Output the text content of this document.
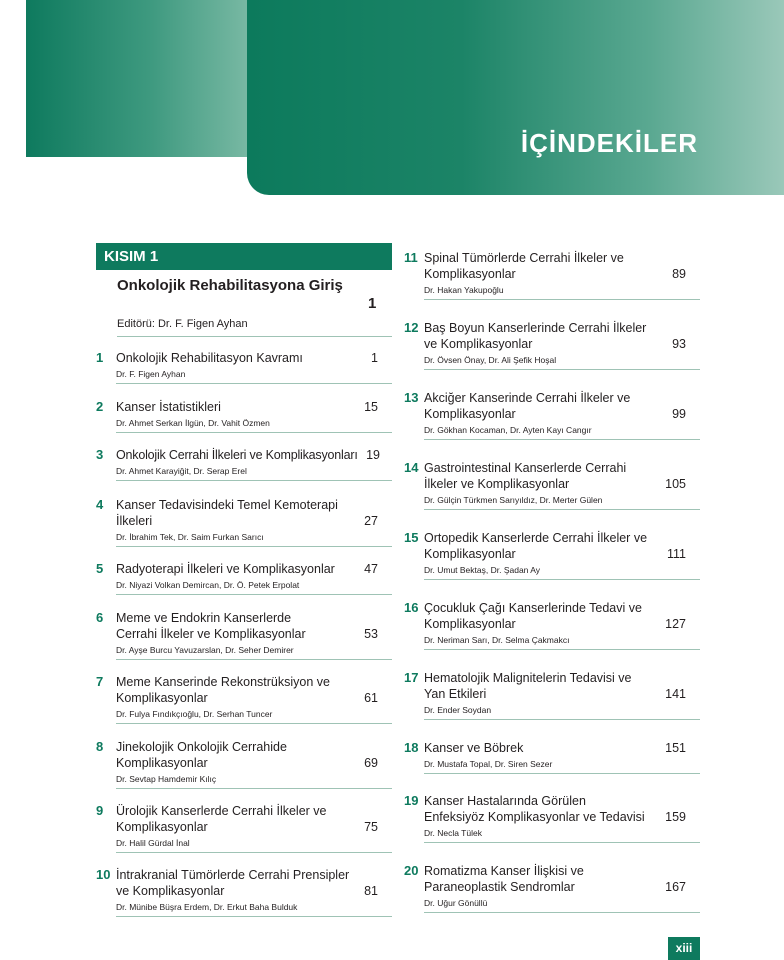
İÇİNDEKİLER
KISIM 1
Onkolojik Rehabilitasyona Giriş
1
Editörü: Dr. F. Figen Ayhan
1	Onkolojik Rehabilitasyon Kavramı	1
Dr. F. Figen Ayhan
2	Kanser İstatistikleri	15
Dr. Ahmet Serkan İlgün, Dr. Vahit Özmen
3	Onkolojik Cerrahi İlkeleri ve Komplikasyonları 19
Dr. Ahmet Karayiğit, Dr. Serap Erel
4	Kanser Tedavisindeki Temel Kemoterapi İlkeleri	27
Dr. İbrahim Tek, Dr. Saim Furkan Sarıcı
5	Radyoterapi İlkeleri ve Komplikasyonlar	47
Dr. Niyazi Volkan Demircan, Dr. Ö. Petek Erpolat
6	Meme ve Endokrin Kanserlerde Cerrahi İlkeler ve Komplikasyonlar	53
Dr. Ayşe Burcu Yavuzarslan, Dr. Seher Demirer
7	Meme Kanserinde Rekonstrüksiyon ve Komplikasyonlar	61
Dr. Fulya Fındıkçıoğlu, Dr. Serhan Tuncer
8	Jinekolojik Onkolojik Cerrahide Komplikasyonlar	69
Dr. Sevtap Hamdemir Kılıç
9	Ürolojik Kanserlerde Cerrahi İlkeler ve Komplikasyonlar	75
Dr. Halil Gürdal İnal
10 İntrakranial Tümörlerde Cerrahi Prensipler ve Komplikasyonlar	81
Dr. Münibe Büşra Erdem, Dr. Erkut Baha Bulduk
11 Spinal Tümörlerde Cerrahi İlkeler ve Komplikasyonlar	89
Dr. Hakan Yakupoğlu
12 Baş Boyun Kanserlerinde Cerrahi İlkeler ve Komplikasyonlar	93
Dr. Övsen Önay, Dr. Ali Şefik Hoşal
13 Akciğer Kanserinde Cerrahi İlkeler ve Komplikasyonlar	99
Dr. Gökhan Kocaman, Dr. Ayten Kayı Cangır
14 Gastrointestinal Kanserlerde Cerrahi İlkeler ve Komplikasyonlar	105
Dr. Gülçin Türkmen Sarıyıldız, Dr. Merter Gülen
15 Ortopedik Kanserlerde Cerrahi İlkeler ve Komplikasyonlar	111
Dr. Umut Bektaş, Dr. Şadan Ay
16 Çocukluk Çağı Kanserlerinde Tedavi ve Komplikasyonlar	127
Dr. Neriman Sarı, Dr. Selma Çakmakcı
17 Hematolojik Malignitelerin Tedavisi ve Yan Etkileri	141
Dr. Ender Soydan
18 Kanser ve Böbrek	151
Dr. Mustafa Topal, Dr. Siren Sezer
19 Kanser Hastalarında Görülen Enfeksiyöz Komplikasyonlar ve Tedavisi	159
Dr. Necla Tülek
20 Romatizma Kanser İlişkisi ve Paraneoplastik Sendromlar	167
Dr. Uğur Gönüllü
xiii
